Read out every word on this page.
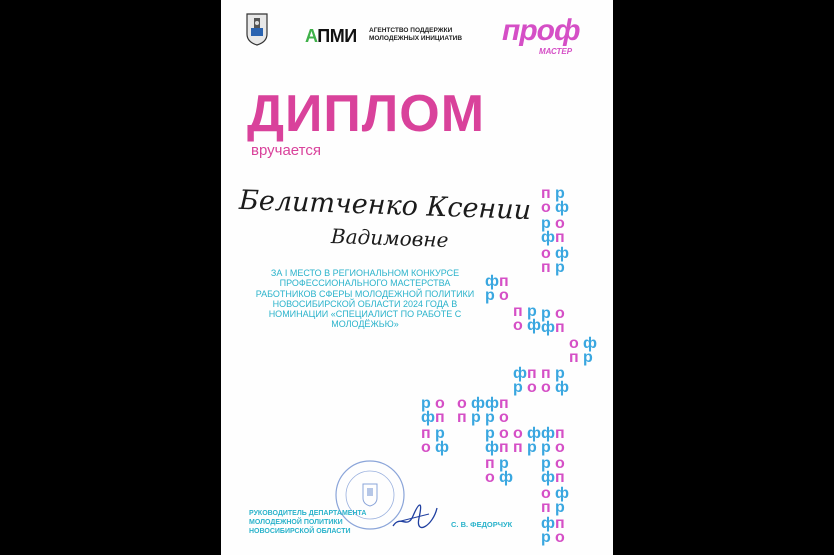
АПМИ АГЕНТСТВО ПОДДЕРЖКИ МОЛОДЕЖНЫХ ИНИЦИАТИВ	проф
МАСТЕР
ДИПЛОМ
вручается
Белитченко Ксении
Вадимовне
ЗА I МЕСТО В РЕГИОНАЛЬНОМ КОНКУРСЕ ПРОФЕССИОНАЛЬНОГО МАСТЕРСТВА РАБОТНИКОВ СФЕРЫ МОЛОДЕЖНОЙ ПОЛИТИКИ НОВОСИБИРСКОЙ ОБЛАСТИ 2024 ГОДА В НОМИНАЦИИ «СПЕЦИАЛИСТ ПО РАБОТЕ С МОЛОДЁЖЬЮ»
п р
о ф
р о
ф п
о ф
п р
ф п
р о
п р
о ф
р о
ф п
о ф
п р
ф п
р о
п р
о ф
р о
ф п
о ф
п р
ф п
р о
п р
о ф
р о
ф п
о ф
п р
ф п
р о
п р
о ф
р о
ф п
о ф
п р
ф п
р о
РУКОВОДИТЕЛЬ ДЕПАРТАМЕНТА МОЛОДЕЖНОЙ ПОЛИТИКИ НОВОСИБИРСКОЙ ОБЛАСТИ
С. В. ФЕДОРЧУК
